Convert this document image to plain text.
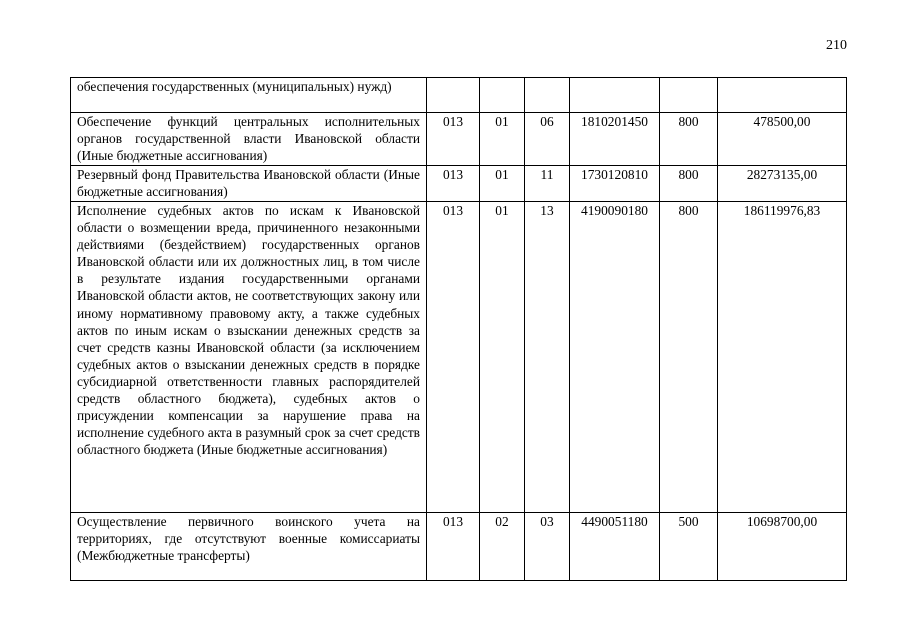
210
обеспечения государственных (муниципальных) нужд)						
Обеспечение функций центральных исполнительных органов государственной власти Ивановской области (Иные бюджетные ассигнования)	013	01	06	1810201450	800	478500,00
Резервный фонд Правительства Ивановской области (Иные бюджетные ассигнования)	013	01	11	1730120810	800	28273135,00
Исполнение судебных актов по искам к Ивановской области о возмещении вреда, причиненного незаконными действиями (бездействием) государственных органов Ивановской области или их должностных лиц, в том числе в результате издания государственными органами Ивановской области актов, не соответствующих закону или иному нормативному правовому акту, а также судебных актов по иным искам о взыскании денежных средств за счет средств казны Ивановской области (за исключением судебных актов о взыскании денежных средств в порядке субсидиарной ответственности главных распорядителей средств областного бюджета), судебных актов о присуждении компенсации за нарушение права на исполнение судебного акта в разумный срок за счет средств областного бюджета (Иные бюджетные ассигнования)	013	01	13	4190090180	800	186119976,83
Осуществление первичного воинского учета на территориях, где отсутствуют военные комиссариаты (Межбюджетные трансферты)	013	02	03	4490051180	500	10698700,00
